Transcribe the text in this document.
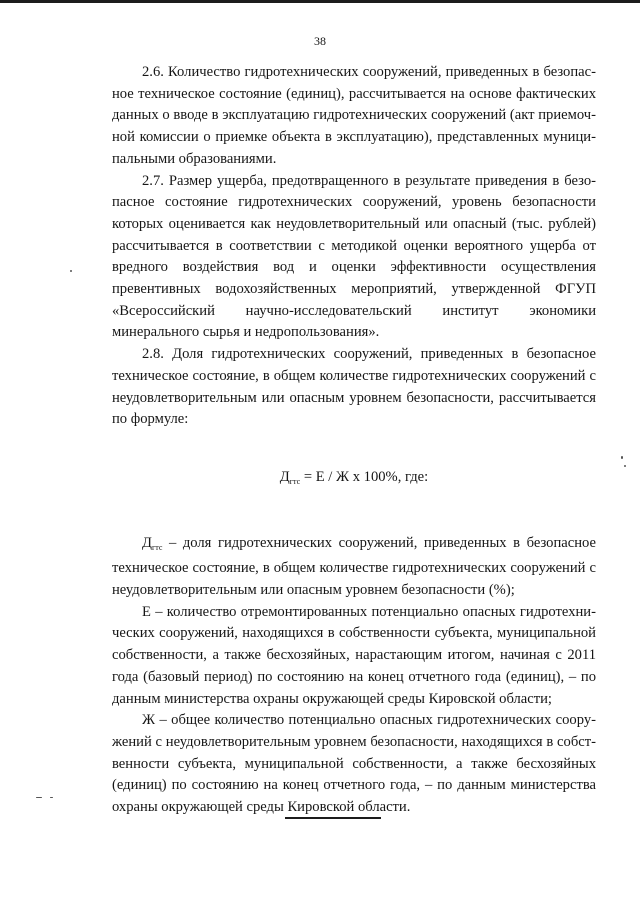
38

2.6. Количество гидротехнических сооружений, приведенных в безопасное техническое состояние (единиц), рассчитывается на основе фактических данных о вводе в эксплуатацию гидротехнических сооружений (акт приемочной комиссии о приемке объекта в эксплуатацию), представленных муниципальными образованиями.

2.7. Размер ущерба, предотвращенного в результате приведения в безопасное состояние гидротехнических сооружений, уровень безопасности которых оценивается как неудовлетворительный или опасный (тыс. рублей) рассчитывается в соответствии с методикой оценки вероятного ущерба от вредного воздействия вод и оценки эффективности осуществления превентивных водохозяйственных мероприятий, утвержденной ФГУП «Всероссийский научно-исследовательский институт экономики минерального сырья и недропользования».

2.8. Доля гидротехнических сооружений, приведенных в безопасное техническое состояние, в общем количестве гидротехнических сооружений с неудовлетворительным или опасным уровнем безопасности, рассчитывается по формуле:

$Д_{гтс} = Е / Ж$ х 100%, где:

$Д_{гтс}$ – доля гидротехнических сооружений, приведенных в безопасное техническое состояние, в общем количестве гидротехнических сооружений с неудовлетворительным или опасным уровнем безопасности (%);

Е – количество отремонтированных потенциально опасных гидротехнических сооружений, находящихся в собственности субъекта, муниципальной собственности, а также бесхозяйных, нарастающим итогом, начиная с 2011 года (базовый период) по состоянию на конец отчетного года (единиц), – по данным министерства охраны окружающей среды Кировской области;

Ж – общее количество потенциально опасных гидротехнических сооружений с неудовлетворительным уровнем безопасности, находящихся в собственности субъекта, муниципальной собственности, а также бесхозяйных (единиц) по состоянию на конец отчетного года, – по данным министерства охраны окружающей среды Кировской области.
